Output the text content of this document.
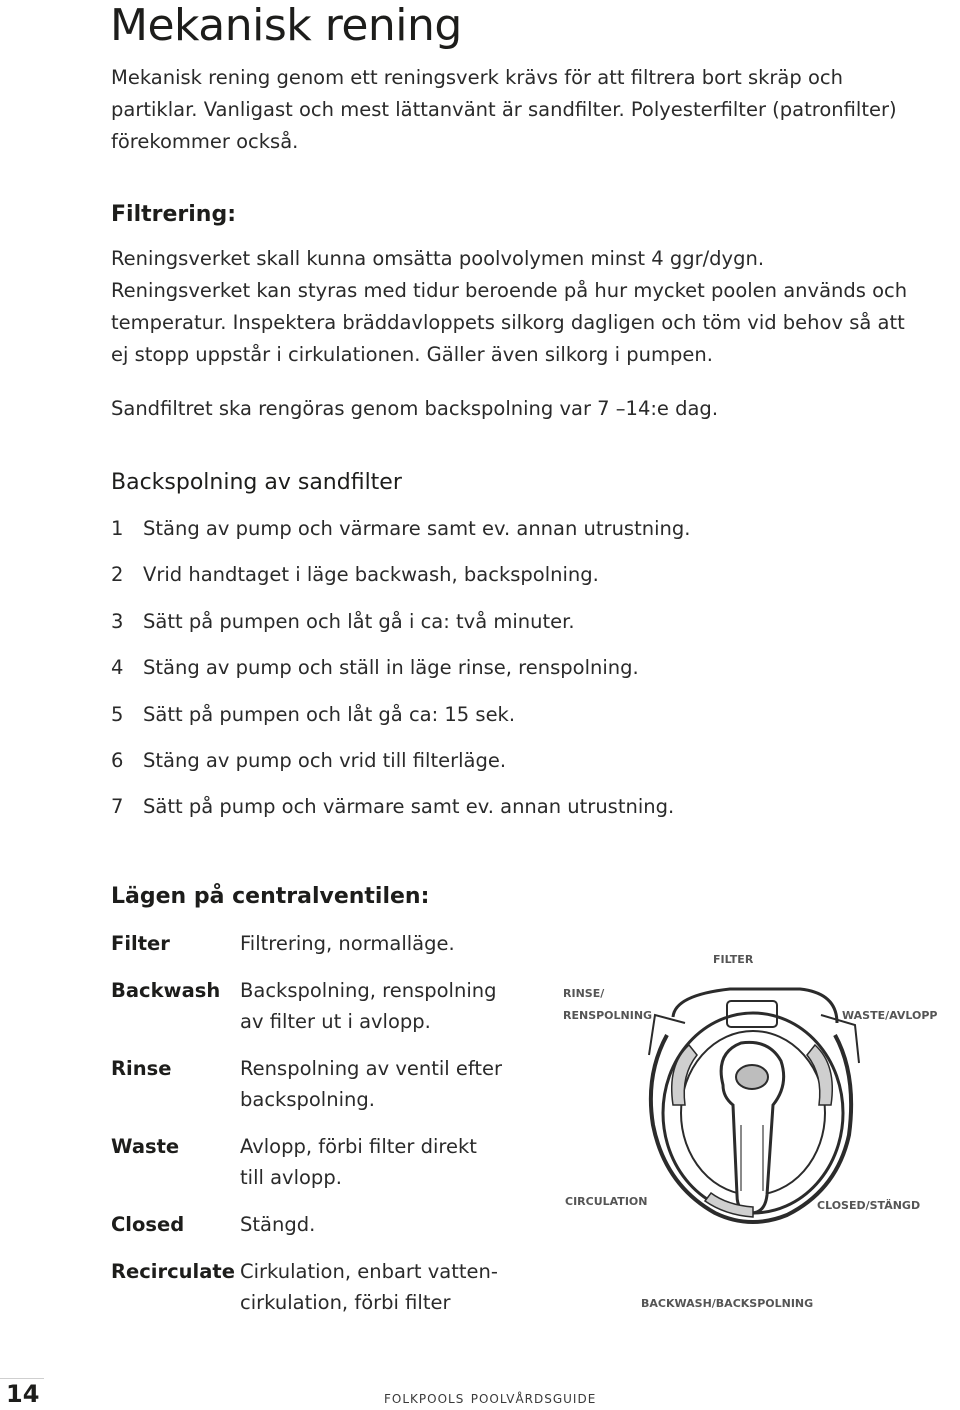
Mekanisk rening

Mekanisk rening genom ett reningsverk krävs för att filtrera bort skräp och
partiklar. Vanligast och mest lättanvänt är sandfilter. Polyesterfilter (patronfilter)
förekommer också.

Filtrering:

Reningsverket skall kunna omsätta poolvolymen minst 4 ggr/dygn.
Reningsverket kan styras med tidur beroende på hur mycket poolen används och
temperatur. Inspektera bräddavloppets silkorg dagligen och töm vid behov så att
ej stopp uppstår i cirkulationen. Gäller även silkorg i pumpen.

Sandfiltret ska rengöras genom backspolning var 7 –14:e dag.

Backspolning av sandfilter
1	Stäng av pump och värmare samt ev. annan utrustning.
2	Vrid handtaget i läge backwash, backspolning.
3	Sätt på pumpen och låt gå i ca: två minuter.
4	Stäng av pump och ställ in läge rinse, renspolning.
5	Sätt på pumpen och låt gå ca: 15 sek.
6	Stäng av pump och vrid till filterläge.
7	Sätt på pump och värmare samt ev. annan utrustning.
Lägen på centralventilen:
Filter	Filtrering, normalläge.
Backwash	Backspolning, renspolning
av filter ut i avlopp.
Rinse	Renspolning av ventil efter
backspolning.
Waste	Avlopp, förbi filter direkt
till avlopp.
Closed	Stängd.
Recirculate Cirkulation, enbart vatten-
cirkulation, förbi filter
FILTER
RINSE/
RENSPOLNING	WASTE/AVLOPP
CIRCULATION	CLOSED/STÄNGD
BACKWASH/BACKSPOLNING
14	folkpools poolvårdsguide
